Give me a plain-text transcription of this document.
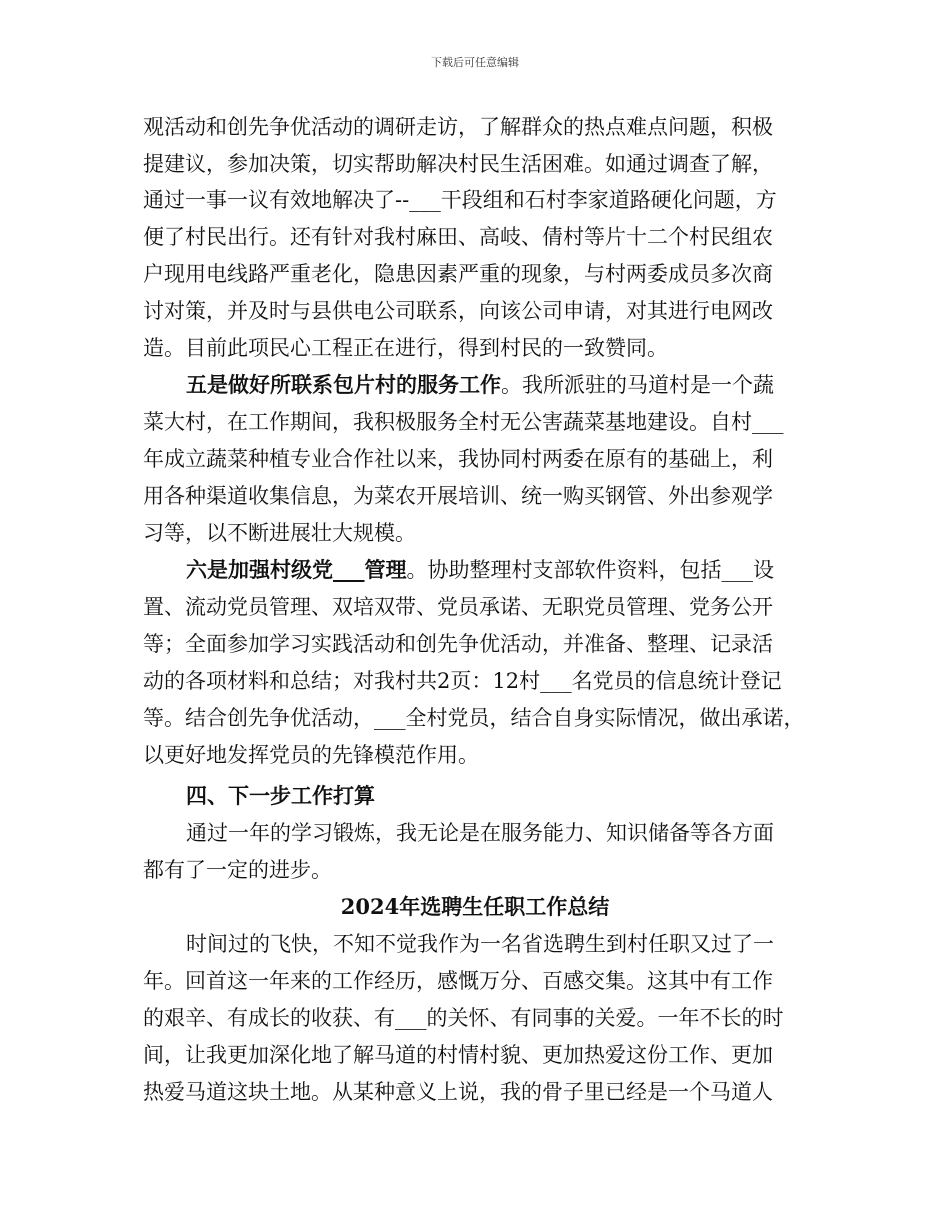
下载后可任意编辑
观活动和创先争优活动的调研走访，了解群众的热点难点问题，积极
提建议，参加决策，切实帮助解决村民生活困难。如通过调查了解，
通过一事一议有效地解决了--___干段组和石村李家道路硬化问题，方
便了村民出行。还有针对我村麻田、高岐、倩村等片十二个村民组农
户现用电线路严重老化，隐患因素严重的现象，与村两委成员多次商
讨对策，并及时与县供电公司联系，向该公司申请，对其进行电网改
造。目前此项民心工程正在进行，得到村民的一致赞同。
五是做好所联系包片村的服务工作。我所派驻的马道村是一个蔬
菜大村，在工作期间，我积极服务全村无公害蔬菜基地建设。自村___
年成立蔬菜种植专业合作社以来，我协同村两委在原有的基础上，利
用各种渠道收集信息，为菜农开展培训、统一购买钢管、外出参观学
习等，以不断进展壮大规模。
六是加强村级党___管理。协助整理村支部软件资料，包括___设
置、流动党员管理、双培双带、党员承诺、无职党员管理、党务公开
等；全面参加学习实践活动和创先争优活动，并准备、整理、记录活
动的各项材料和总结；对我村共2页：12村___名党员的信息统计登记
等。结合创先争优活动，___全村党员，结合自身实际情况，做出承诺，
以更好地发挥党员的先锋模范作用。
四、下一步工作打算
通过一年的学习锻炼，我无论是在服务能力、知识储备等各方面
都有了一定的进步。
2024年选聘生任职工作总结
时间过的飞快，不知不觉我作为一名省选聘生到村任职又过了一
年。回首这一年来的工作经历，感慨万分、百感交集。这其中有工作
的艰辛、有成长的收获、有___的关怀、有同事的关爱。一年不长的时
间，让我更加深化地了解马道的村情村貌、更加热爱这份工作、更加
热爱马道这块土地。从某种意义上说，我的骨子里已经是一个马道人
